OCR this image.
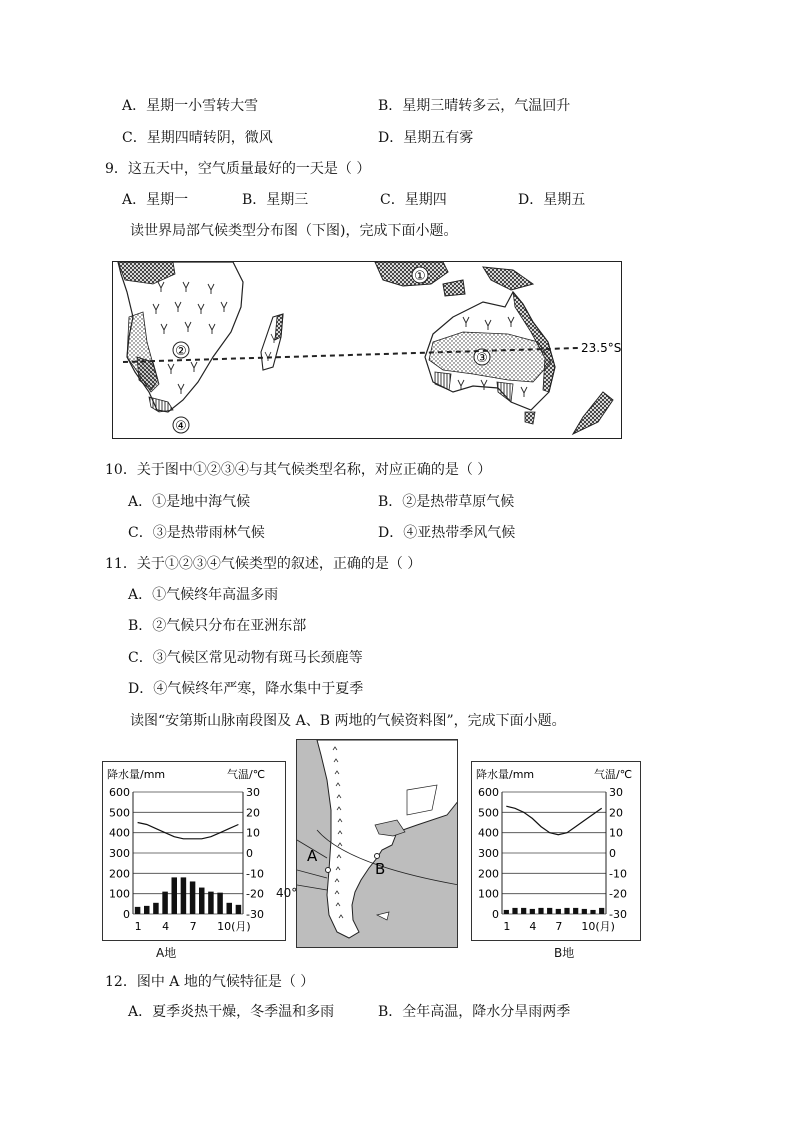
A．星期一小雪转大雪	B．星期三晴转多云，气温回升
C．星期四晴转阴，微风	D．星期五有雾
9．这五天中，空气质量最好的一天是（ ）
A．星期一	B．星期三	C．星期四	D．星期五
读世界局部气候类型分布图（下图)，完成下面小题。
②
④
①
③
23.5°S
10．关于图中①②③④与其气候类型名称，对应正确的是（ ）
A．①是地中海气候	B．②是热带草原气候
C．③是热带雨林气候	D．④亚热带季风气候
11．关于①②③④气候类型的叙述，正确的是（ ）
A．①气候终年高温多雨
B．②气候只分布在亚洲东部
C．③气候区常见动物有斑马长颈鹿等
D．④气候终年严寒，降水集中于夏季
读图“安第斯山脉南段图及 A、B 两地的气候资料图”，完成下面小题。
降水量/mm	气温/℃
600	30
500	20
400	10
300	0
200	-10
100	-20
0	-30
1 4 7 10(月)
A地
A
B
40°
降水量/mm	气温/℃
600	30
500	20
400	10
300	0
200	-10
100	-20
0	-30
1 4 7 10(月)
B地
12．图中 A 地的气候特征是（ ）
A．夏季炎热干燥，冬季温和多雨	B．全年高温，降水分旱雨两季
